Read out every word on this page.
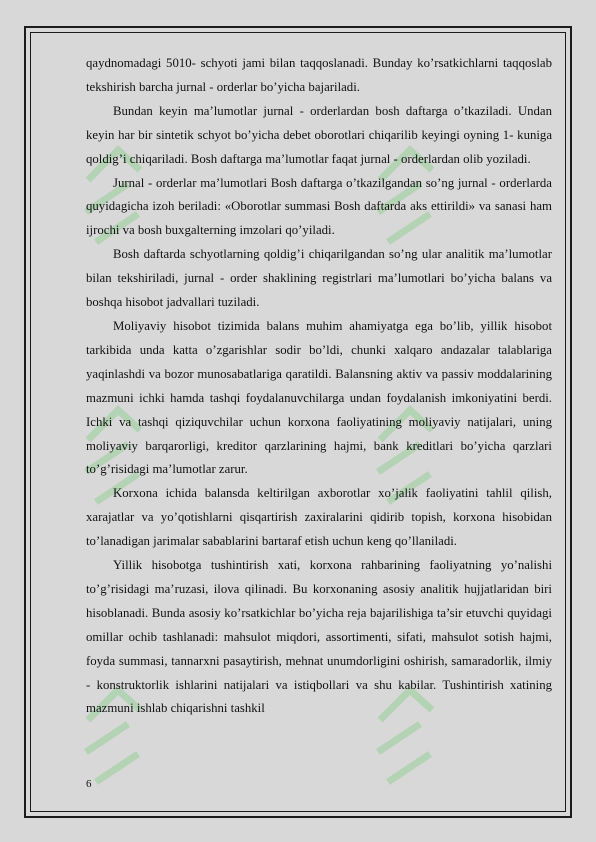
qaydnomadagi 5010- schyoti jami bilan taqqoslanadi. Bunday ko’rsatkichlarni taqqoslab tekshirish barcha jurnal - orderlar bo’yicha bajariladi.

Bundan keyin ma’lumotlar jurnal - orderlardan bosh daftarga o’tkaziladi. Undan keyin har bir sintetik schyot bo’yicha debet oborotlari chiqarilib keyingi oyning 1- kuniga qoldig’i chiqariladi. Bosh daftarga ma’lumotlar faqat jurnal - orderlardan olib yoziladi.

Jurnal - orderlar ma’lumotlari Bosh daftarga o’tkazilgandan so’ng jurnal - orderlarda quyidagicha izoh beriladi: «Oborotlar summasi Bosh daftarda aks ettirildi» va sanasi ham ijrochi va bosh buxgalterning imzolari qo’yiladi.

Bosh daftarda schyotlarning qoldig’i chiqarilgandan so’ng ular analitik ma’lumotlar bilan tekshiriladi, jurnal - order shaklining registrlari ma’lumotlari bo’yicha balans va boshqa hisobot jadvallari tuziladi.

Moliyaviy hisobot tizimida balans muhim ahamiyatga ega bo’lib, yillik hisobot tarkibida unda katta o’zgarishlar sodir bo’ldi, chunki xalqaro andazalar talablariga yaqinlashdi va bozor munosabatlariga qaratildi. Balansning aktiv va passiv moddalarining mazmuni ichki hamda tashqi foydalanuvchilarga undan foydalanish imkoniyatini berdi. Ichki va tashqi qiziquvchilar uchun korxona faoliyatining moliyaviy natijalari, uning moliyaviy barqarorligi, kreditor qarzlarining hajmi, bank kreditlari bo’yicha qarzlari to’g’risidagi ma’lumotlar zarur.

Korxona ichida balansda keltirilgan axborotlar xo’jalik faoliyatini tahlil qilish, xarajatlar va yo’qotishlarni qisqartirish zaxiralarini qidirib topish, korxona hisobidan to’lanadigan jarimalar sabablarini bartaraf etish uchun keng qo’llaniladi.

Yillik hisobotga tushintirish xati, korxona rahbarining faoliyatning yo’nalishi to’g’risidagi ma’ruzasi, ilova qilinadi. Bu korxonaning asosiy analitik hujjatlaridan biri hisoblanadi. Bunda asosiy ko’rsatkichlar bo’yicha reja bajarilishiga ta’sir etuvchi quyidagi omillar ochib tashlanadi: mahsulot miqdori, assortimenti, sifati, mahsulot sotish hajmi, foyda summasi, tannarxni pasaytirish, mehnat unumdorligini oshirish, samaradorlik, ilmiy - konstruktorlik ishlarini natijalari va istiqbollari va shu kabilar. Tushintirish xatining mazmuni ishlab chiqarishni tashkil

6
